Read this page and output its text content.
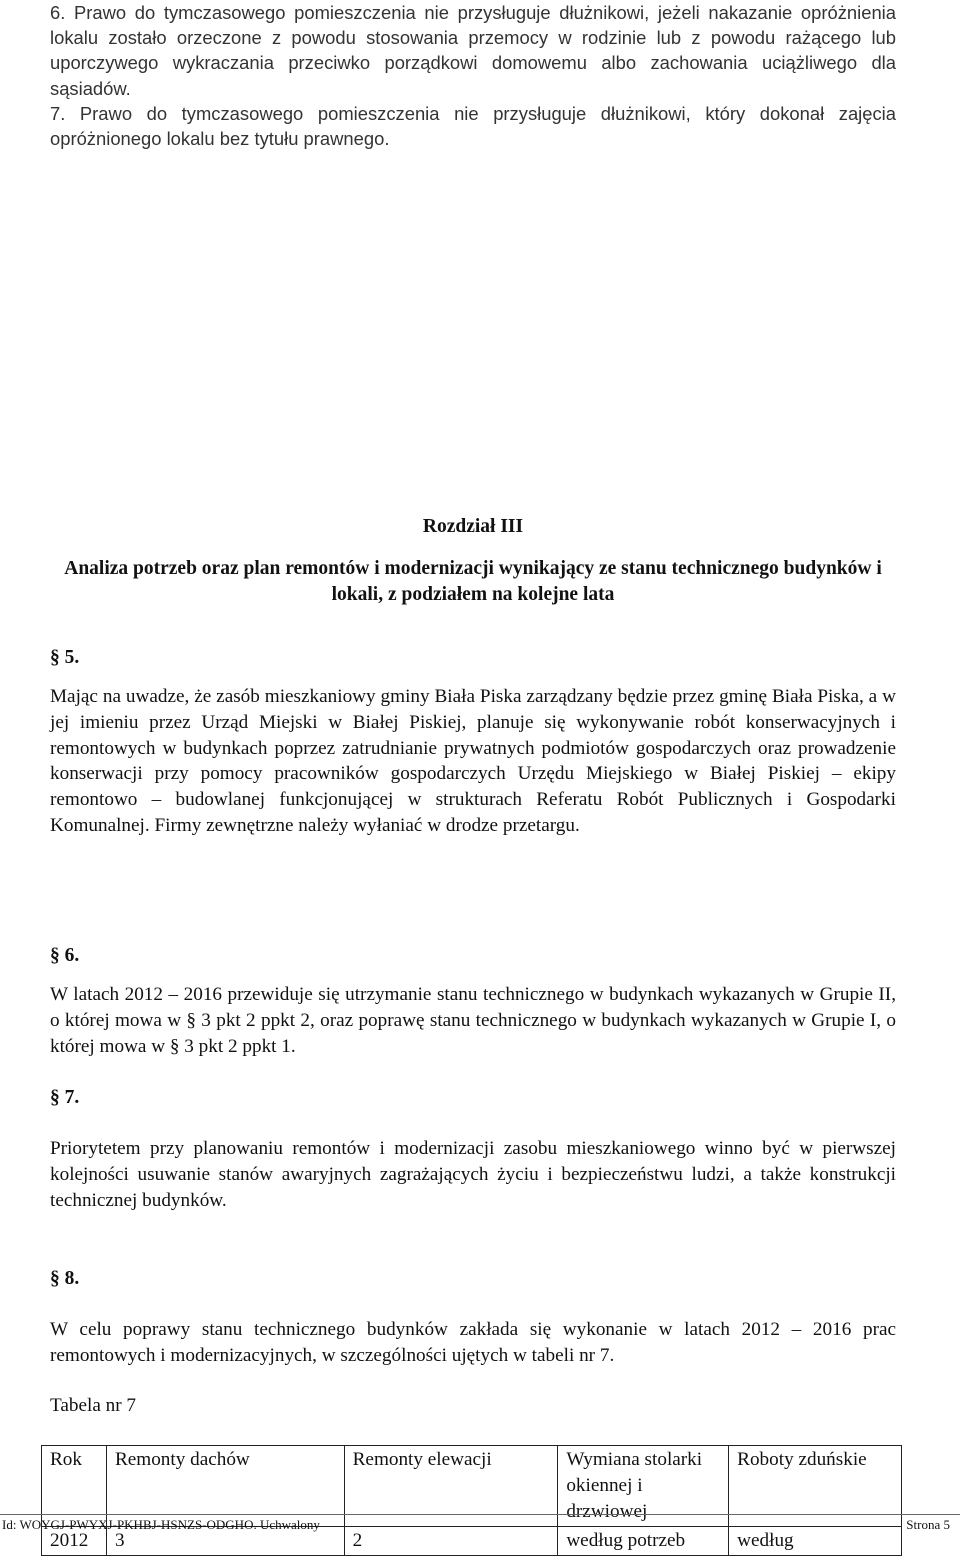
6. Prawo do tymczasowego pomieszczenia nie przysługuje dłużnikowi, jeżeli nakazanie opróżnienia lokalu zostało orzeczone z powodu stosowania przemocy w rodzinie lub z powodu rażącego lub uporczywego wykraczania przeciwko porządkowi domowemu albo zachowania uciążliwego dla sąsiadów.

7. Prawo do tymczasowego pomieszczenia nie przysługuje dłużnikowi, który dokonał zajęcia opróżnionego lokalu bez tytułu prawnego.

Rozdział III
Analiza potrzeb oraz plan remontów i modernizacji wynikający ze stanu technicznego budynków i lokali, z podziałem na kolejne lata
§ 5.

Mając na uwadze, że zasób mieszkaniowy gminy Biała Piska zarządzany będzie przez gminę Biała Piska, a w jej imieniu przez Urząd Miejski w Białej Piskiej, planuje się wykonywanie robót konserwacyjnych i remontowych w budynkach poprzez zatrudnianie prywatnych podmiotów gospodarczych oraz prowadzenie konserwacji przy pomocy pracowników gospodarczych Urzędu Miejskiego w Białej Piskiej – ekipy remontowo – budowlanej funkcjonującej w strukturach Referatu Robót Publicznych i Gospodarki Komunalnej. Firmy zewnętrzne należy wyłaniać w drodze przetargu.

§ 6.

W latach 2012 – 2016 przewiduje się utrzymanie stanu technicznego w budynkach wykazanych w Grupie II, o której mowa w § 3 pkt 2 ppkt 2, oraz poprawę stanu technicznego w budynkach wykazanych w Grupie I, o której mowa w § 3 pkt 2 ppkt 1.

§ 7.

Priorytetem przy planowaniu remontów i modernizacji zasobu mieszkaniowego winno być w pierwszej kolejności usuwanie stanów awaryjnych zagrażających życiu i bezpieczeństwu ludzi, a także konstrukcji technicznej budynków.

§ 8.

W celu poprawy stanu technicznego budynków zakłada się wykonanie w latach 2012 – 2016 prac remontowych i modernizacyjnych, w szczególności ujętych w tabeli nr 7.

Tabela nr 7
Rok	Remonty dachów	Remonty elewacji	Wymiana stolarki okiennej i drzwiowej	Roboty zduńskie
2012	3	2	według potrzeb	według
Id: WOYGJ-PWYXJ-PKHBJ-HSNZS-ODGHO. Uchwalony	Strona 5
